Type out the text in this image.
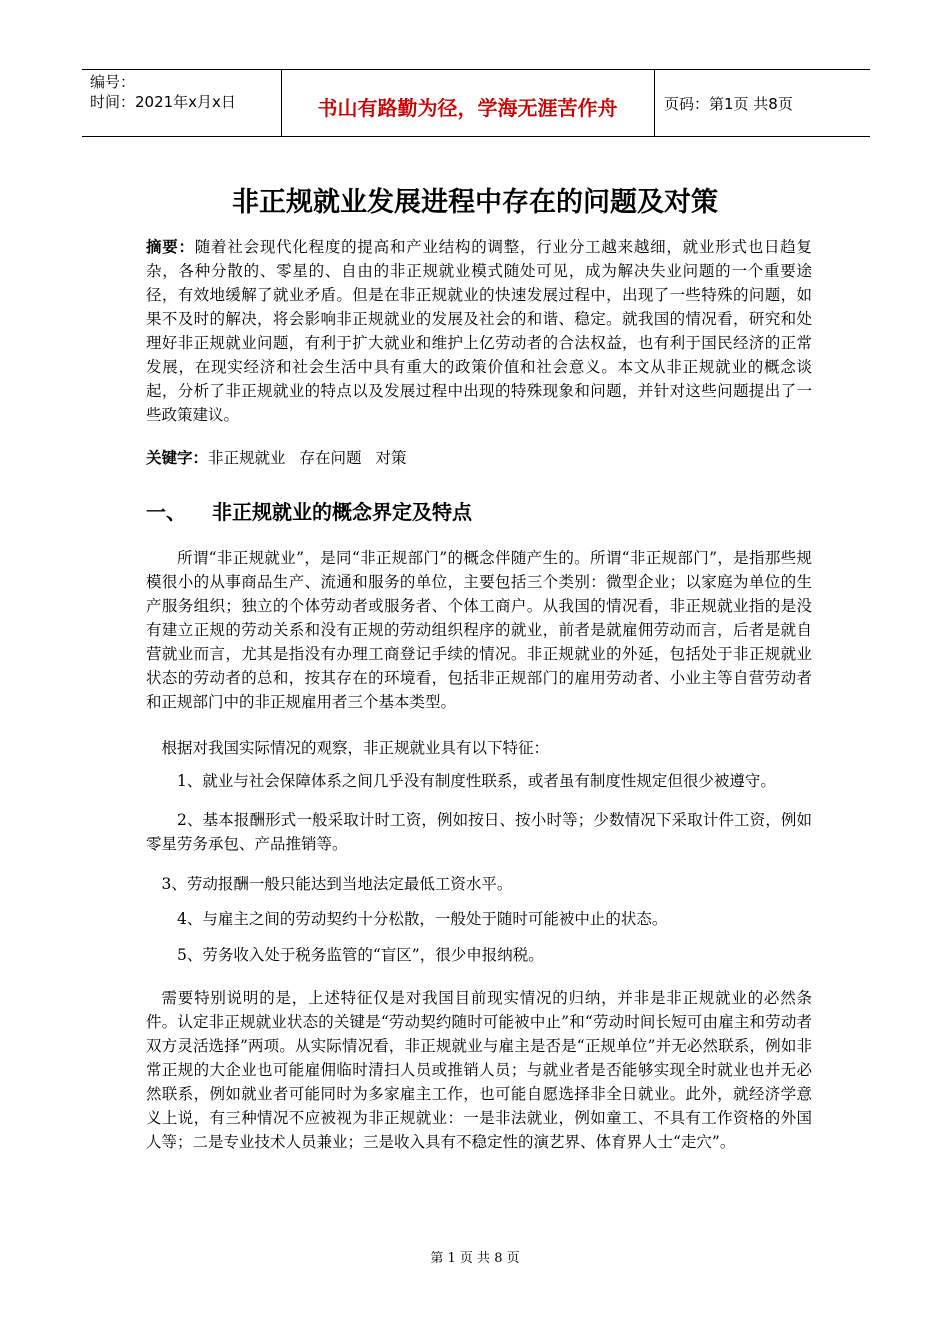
编号：
时间：2021年x月x日	书山有路勤为径，学海无涯苦作舟	页码：第1页 共8页
非正规就业发展进程中存在的问题及对策

摘要：随着社会现代化程度的提高和产业结构的调整，行业分工越来越细，就业形式也日趋复杂，各种分散的、零星的、自由的非正规就业模式随处可见，成为解决失业问题的一个重要途径，有效地缓解了就业矛盾。但是在非正规就业的快速发展过程中，出现了一些特殊的问题，如果不及时的解决，将会影响非正规就业的发展及社会的和谐、稳定。就我国的情况看，研究和处理好非正规就业问题，有利于扩大就业和维护上亿劳动者的合法权益，也有利于国民经济的正常发展，在现实经济和社会生活中具有重大的政策价值和社会意义。本文从非正规就业的概念谈起，分析了非正规就业的特点以及发展过程中出现的特殊现象和问题，并针对这些问题提出了一些政策建议。

关键字：非正规就业 存在问题 对策

一、 非正规就业的概念界定及特点

所谓“非正规就业”，是同“非正规部门”的概念伴随产生的。所谓“非正规部门”，是指那些规模很小的从事商品生产、流通和服务的单位，主要包括三个类别：微型企业；以家庭为单位的生产服务组织；独立的个体劳动者或服务者、个体工商户。从我国的情况看，非正规就业指的是没有建立正规的劳动关系和没有正规的劳动组织程序的就业，前者是就雇佣劳动而言，后者是就自营就业而言，尤其是指没有办理工商登记手续的情况。非正规就业的外延，包括处于非正规就业状态的劳动者的总和，按其存在的环境看，包括非正规部门的雇用劳动者、小业主等自营劳动者和正规部门中的非正规雇用者三个基本类型。

根据对我国实际情况的观察，非正规就业具有以下特征：

1、就业与社会保障体系之间几乎没有制度性联系，或者虽有制度性规定但很少被遵守。

2、基本报酬形式一般采取计时工资，例如按日、按小时等；少数情况下采取计件工资，例如零星劳务承包、产品推销等。

3、劳动报酬一般只能达到当地法定最低工资水平。

4、与雇主之间的劳动契约十分松散，一般处于随时可能被中止的状态。

5、劳务收入处于税务监管的“盲区”，很少申报纳税。

需要特别说明的是，上述特征仅是对我国目前现实情况的归纳，并非是非正规就业的必然条件。认定非正规就业状态的关键是“劳动契约随时可能被中止”和“劳动时间长短可由雇主和劳动者双方灵活选择”两项。从实际情况看，非正规就业与雇主是否是“正规单位”并无必然联系，例如非常正规的大企业也可能雇佣临时清扫人员或推销人员；与就业者是否能够实现全时就业也并无必然联系，例如就业者可能同时为多家雇主工作，也可能自愿选择非全日就业。此外，就经济学意义上说，有三种情况不应被视为非正规就业：一是非法就业，例如童工、不具有工作资格的外国人等；二是专业技术人员兼业；三是收入具有不稳定性的演艺界、体育界人士“走穴”。

第 1 页 共 8 页
